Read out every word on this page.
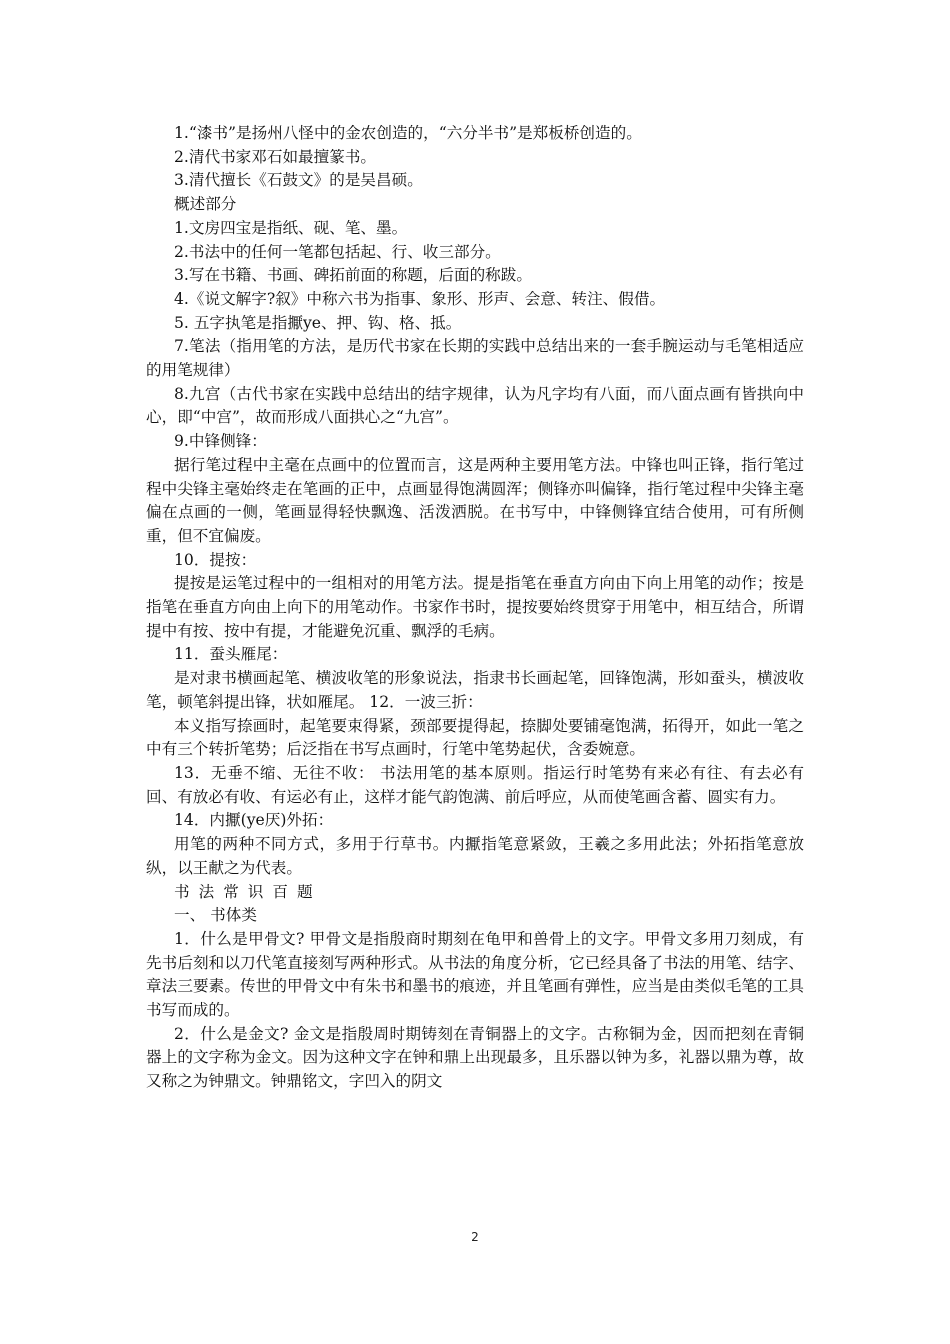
1.“漆书”是扬州八怪中的金农创造的，“六分半书”是郑板桥创造的。

2.清代书家邓石如最擅篆书。

3.清代擅长《石鼓文》的是吴昌硕。

概述部分

1.文房四宝是指纸、砚、笔、墨。

2.书法中的任何一笔都包括起、行、收三部分。

3.写在书籍、书画、碑拓前面的称题，后面的称跋。

4.《说文解字?叙》中称六书为指事、象形、形声、会意、转注、假借。

5. 五字执笔是指擫ye、押、钩、格、抵。

7.笔法（指用笔的方法，是历代书家在长期的实践中总结出来的一套手腕运动与毛笔相适应的用笔规律）

8.九宫（古代书家在实践中总结出的结字规律，认为凡字均有八面，而八面点画有皆拱向中心，即“中宫”，故而形成八面拱心之“九宫”。

9.中锋侧锋：

据行笔过程中主毫在点画中的位置而言，这是两种主要用笔方法。中锋也叫正锋，指行笔过程中尖锋主毫始终走在笔画的正中，点画显得饱满圆浑；侧锋亦叫偏锋，指行笔过程中尖锋主毫偏在点画的一侧，笔画显得轻快飘逸、活泼洒脱。在书写中，中锋侧锋宜结合使用，可有所侧重，但不宜偏废。

10．提按：

提按是运笔过程中的一组相对的用笔方法。提是指笔在垂直方向由下向上用笔的动作；按是指笔在垂直方向由上向下的用笔动作。书家作书时，提按要始终贯穿于用笔中，相互结合，所谓提中有按、按中有提，才能避免沉重、飘浮的毛病。

11．蚕头雁尾：

是对隶书横画起笔、横波收笔的形象说法，指隶书长画起笔，回锋饱满，形如蚕头，横波收笔，顿笔斜提出锋，状如雁尾。 12．一波三折：

本义指写捺画时，起笔要束得紧，颈部要提得起，捺脚处要铺毫饱满，拓得开，如此一笔之中有三个转折笔势；后泛指在书写点画时，行笔中笔势起伏，含委婉意。

13．无垂不缩、无往不收： 书法用笔的基本原则。指运行时笔势有来必有往、有去必有回、有放必有收、有运必有止，这样才能气韵饱满、前后呼应，从而使笔画含蓄、圆实有力。

14．内擫(ye厌)外拓：

用笔的两种不同方式，多用于行草书。内擫指笔意紧敛，王羲之多用此法；外拓指笔意放纵，以王献之为代表。

书法常识百题

一、 书体类

1．什么是甲骨文? 甲骨文是指殷商时期刻在龟甲和兽骨上的文字。甲骨文多用刀刻成，有先书后刻和以刀代笔直接刻写两种形式。从书法的角度分析，它已经具备了书法的用笔、结字、章法三要素。传世的甲骨文中有朱书和墨书的痕迹，并且笔画有弹性，应当是由类似毛笔的工具书写而成的。

2．什么是金文? 金文是指殷周时期铸刻在青铜器上的文字。古称铜为金，因而把刻在青铜器上的文字称为金文。因为这种文字在钟和鼎上出现最多，且乐器以钟为多，礼器以鼎为尊，故又称之为钟鼎文。钟鼎铭文，字凹入的阴文

2
